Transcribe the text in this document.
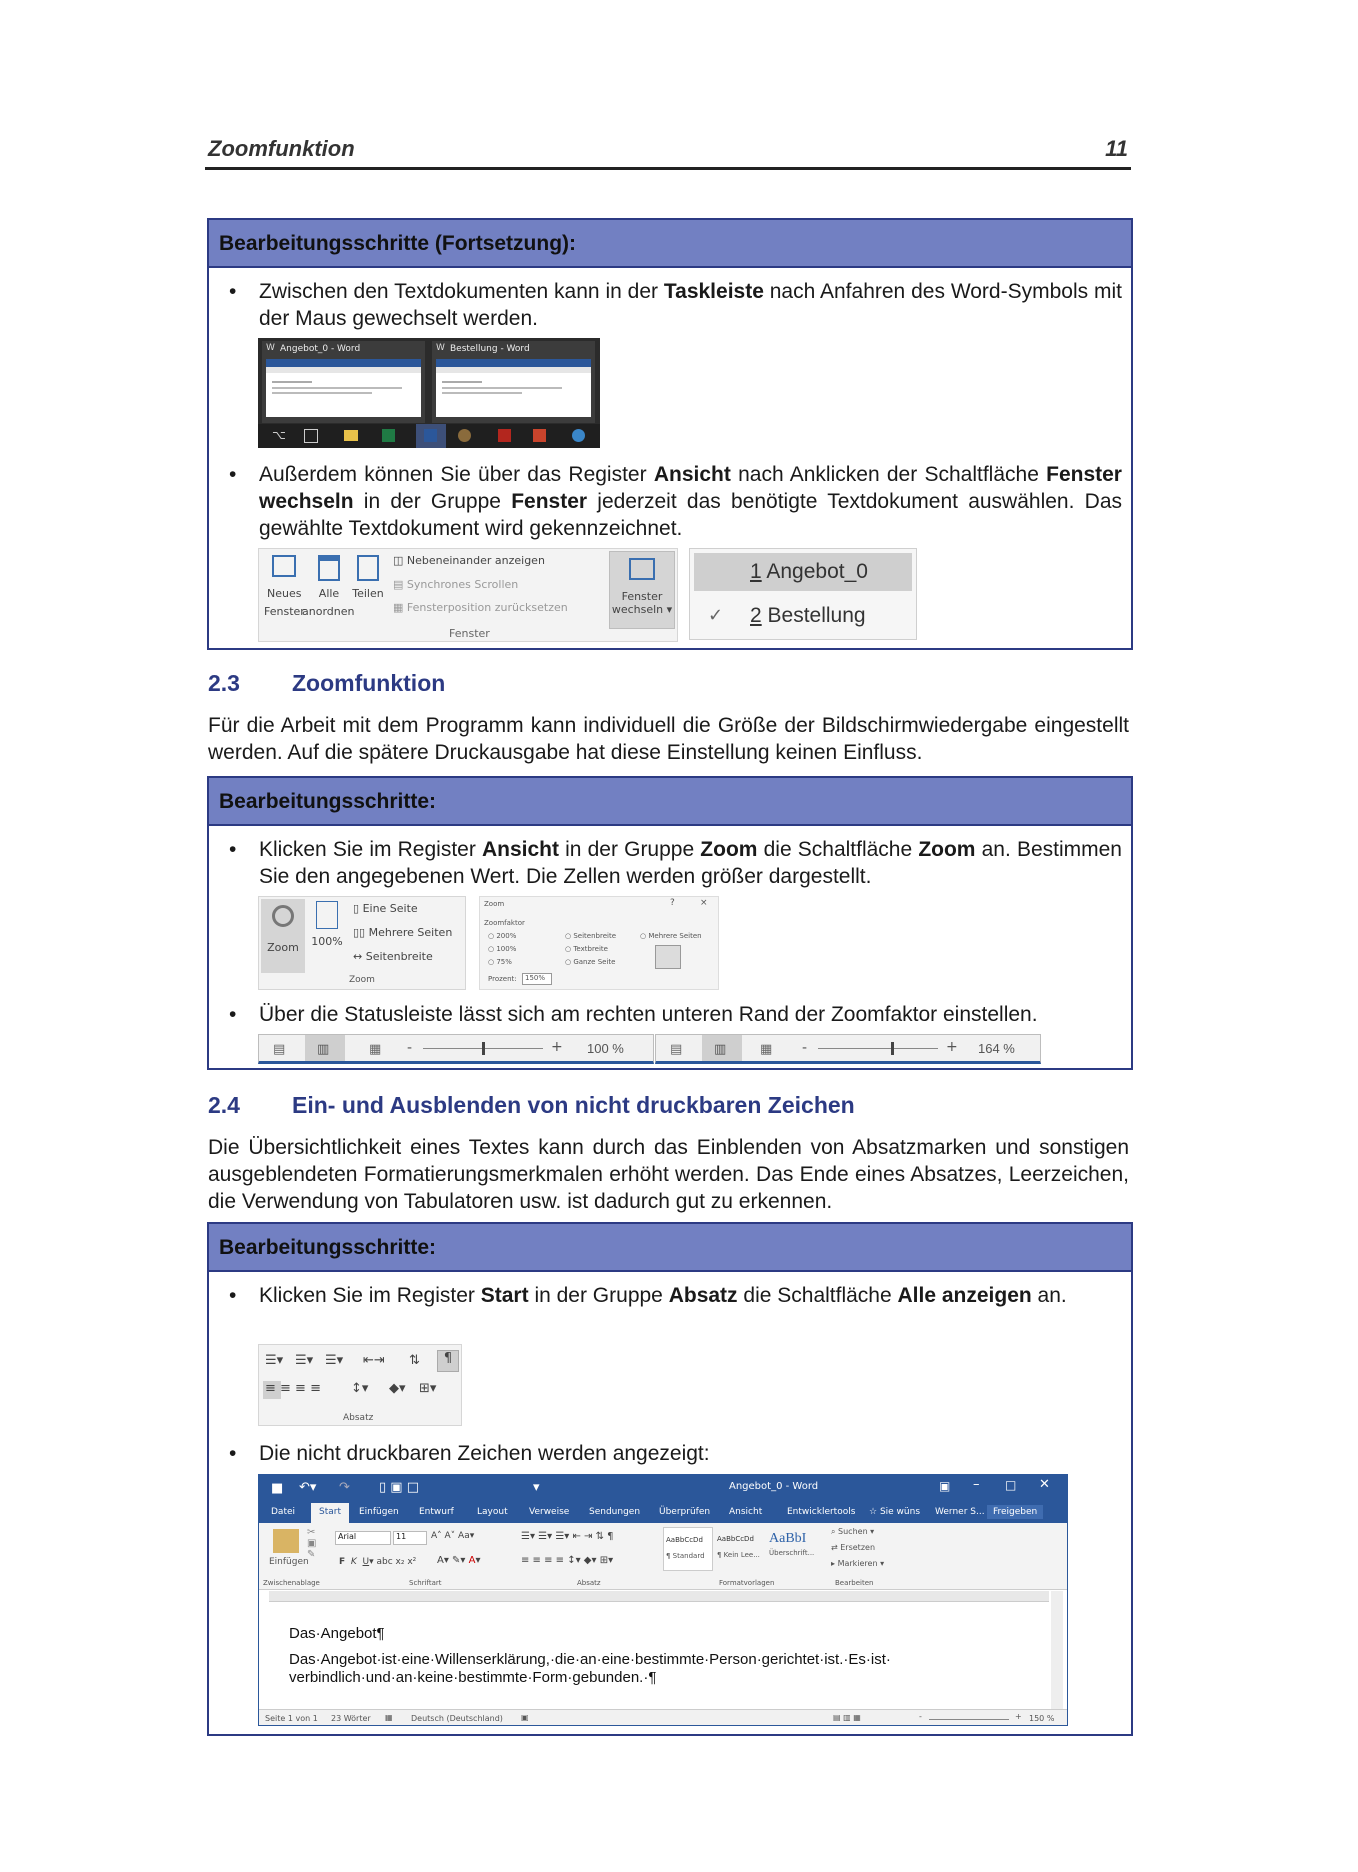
Zoomfunktion	11
Bearbeitungsschritte (Fortsetzung):
• Zwischen den Textdokumenten kann in der Taskleiste nach Anfahren des Word-Symbols mit der Maus gewechselt werden.
W Angebot_0 - Word	W Bestellung - Word
⌥
• Außerdem können Sie über das Register Ansicht nach Anklicken der Schaltfläche Fenster wechseln in der Gruppe Fenster jederzeit das benötigte Textdokument auswählen. Das gewählte Textdokument wird gekennzeichnet.
Neues
Fenster
Alle
anordnen
Teilen
◫ Nebeneinander anzeigen
▤ Synchrones Scrollen
▦ Fensterposition zurücksetzen
Fenster
wechseln ▾
Fenster
1 Angebot_0
✓ 2 Bestellung
2.3 Zoomfunktion
Für die Arbeit mit dem Programm kann individuell die Größe der Bildschirmwiedergabe eingestellt werden. Auf die spätere Druckausgabe hat diese Einstellung keinen Einfluss.
Bearbeitungsschritte:
• Klicken Sie im Register Ansicht in der Gruppe Zoom die Schaltfläche Zoom an. Bestimmen Sie den angegebenen Wert. Die Zellen werden größer dargestellt.
Zoom	100%
▯ Eine Seite
▯▯ Mehrere Seiten
↔ Seitenbreite
Zoom
Zoom	?	×
Zoomfaktor
○ 200%
○ 100%
○ 75%
○ Seitenbreite
○ Textbreite
○ Ganze Seite
○ Mehrere Seiten
Prozent:	150%
• Über die Statusleiste lässt sich am rechten unteren Rand der Zoomfaktor einstellen.
▤ ▥	▦ -	+ 100 %	▤ ▥	▦ -	+ 164 %
2.4 Ein- und Ausblenden von nicht druckbaren Zeichen
Die Übersichtlichkeit eines Textes kann durch das Einblenden von Absatzmarken und sonstigen ausgeblendeten Formatierungsmerkmalen erhöht werden. Das Ende eines Absatzes, Leerzeichen, die Verwendung von Tabulatoren usw. ist dadurch gut zu erkennen.
Bearbeitungsschritte:
• Klicken Sie im Register Start in der Gruppe Absatz die Schaltfläche Alle anzeigen an.
☰▾ ☰▾ ☰▾ ⇤⇥ ⇅	¶
≡ ≡ ≡ ≡ ↕▾ ◆▾ ⊞▾
Absatz
• Die nicht druckbaren Zeichen werden angezeigt:
■ ↶▾ ↷ ▯ ▣ □	▾	Angebot_0 - Word	▣ – □ ✕
Datei	Start	Einfügen Entwurf	Layout Verweise Sendungen Überprüfen Ansicht	Entwicklertools ☆ Sie wüns Werner S... Freigeben
Einfügen
✂
▣
✎
Zwischenablage
Arial	11	A˄ A˅ Aa▾
F K U▾ abc x₂ x² A▾ ✎▾ A▾
Schriftart
☰▾ ☰▾ ☰▾ ⇤ ⇥ ⇅ ¶
≡ ≡ ≡ ≡ ↕▾ ◆▾ ⊞▾
Absatz
AaBbCcDd
¶ Standard
AaBbCcDd
¶ Kein Lee...
AaBbI
Überschrift...
Formatvorlagen
⌕ Suchen ▾
⇄ Ersetzen
▸ Markieren ▾
Bearbeiten
Das·Angebot¶
Das·Angebot·ist·eine·Willenserklärung,·die·an·eine·bestimmte·Person·gerichtet·ist.·Es·ist·
verbindlich·und·an·keine·bestimmte·Form·gebunden.·¶
Seite 1 von 1 23 Wörter ▦ Deutsch (Deutschland) ▣	▤ ▥ ▦	-	+ 150 %
